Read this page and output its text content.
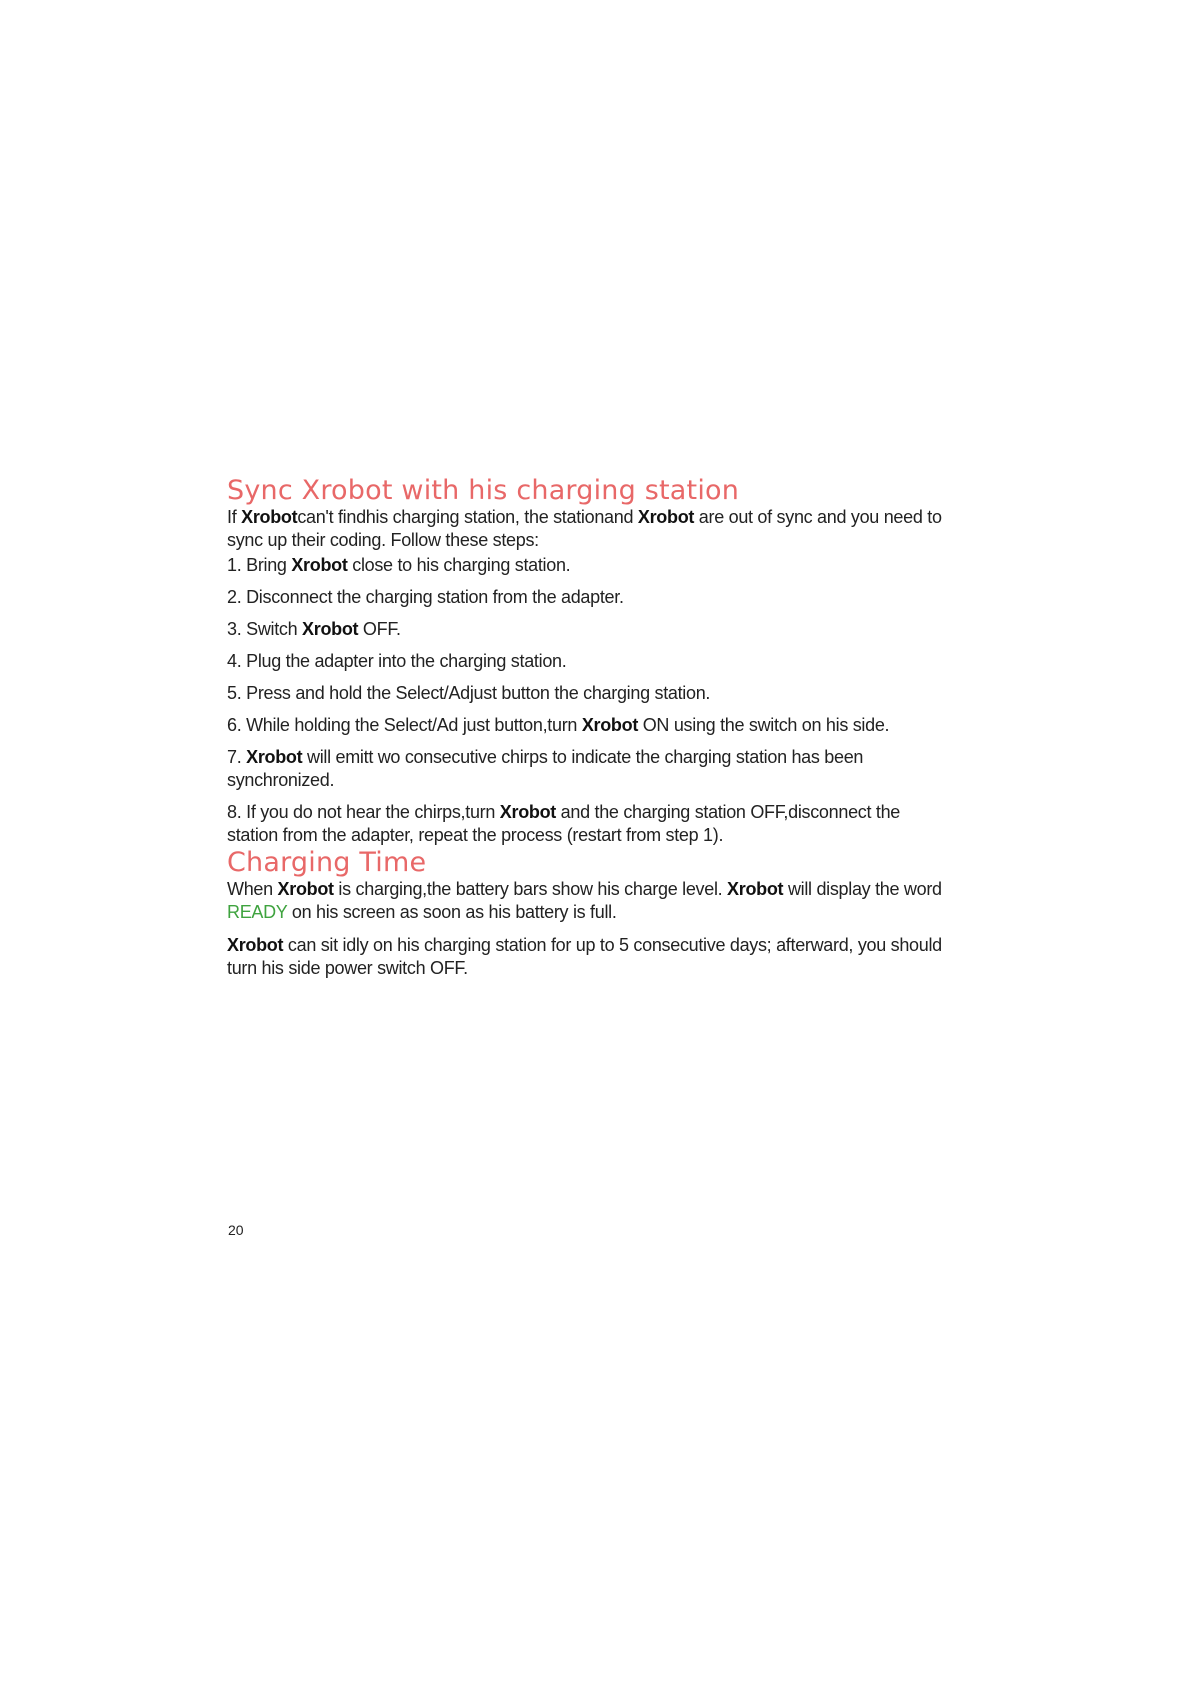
Sync Xrobot with his charging station

If Xrobotcan't findhis charging station, the stationand Xrobot are out of sync and you need to sync up their coding. Follow these steps:

1. Bring Xrobot close to his charging station.
2. Disconnect the charging station from the adapter.
3. Switch Xrobot OFF.
4. Plug the adapter into the charging station.
5. Press and hold the Select/Adjust button the charging station.
6. While holding the Select/Ad just button,turn Xrobot ON using the switch on his side.
7. Xrobot will emitt wo consecutive chirps to indicate the charging station has been synchronized.
8. If you do not hear the chirps,turn Xrobot and the charging station OFF,disconnect the station from the adapter, repeat the process (restart from step 1).
Charging Time

When Xrobot is charging,the battery bars show his charge level. Xrobot will display the word READY on his screen as soon as his battery is full.

Xrobot can sit idly on his charging station for up to 5 consecutive days; afterward, you should turn his side power switch OFF.

20
